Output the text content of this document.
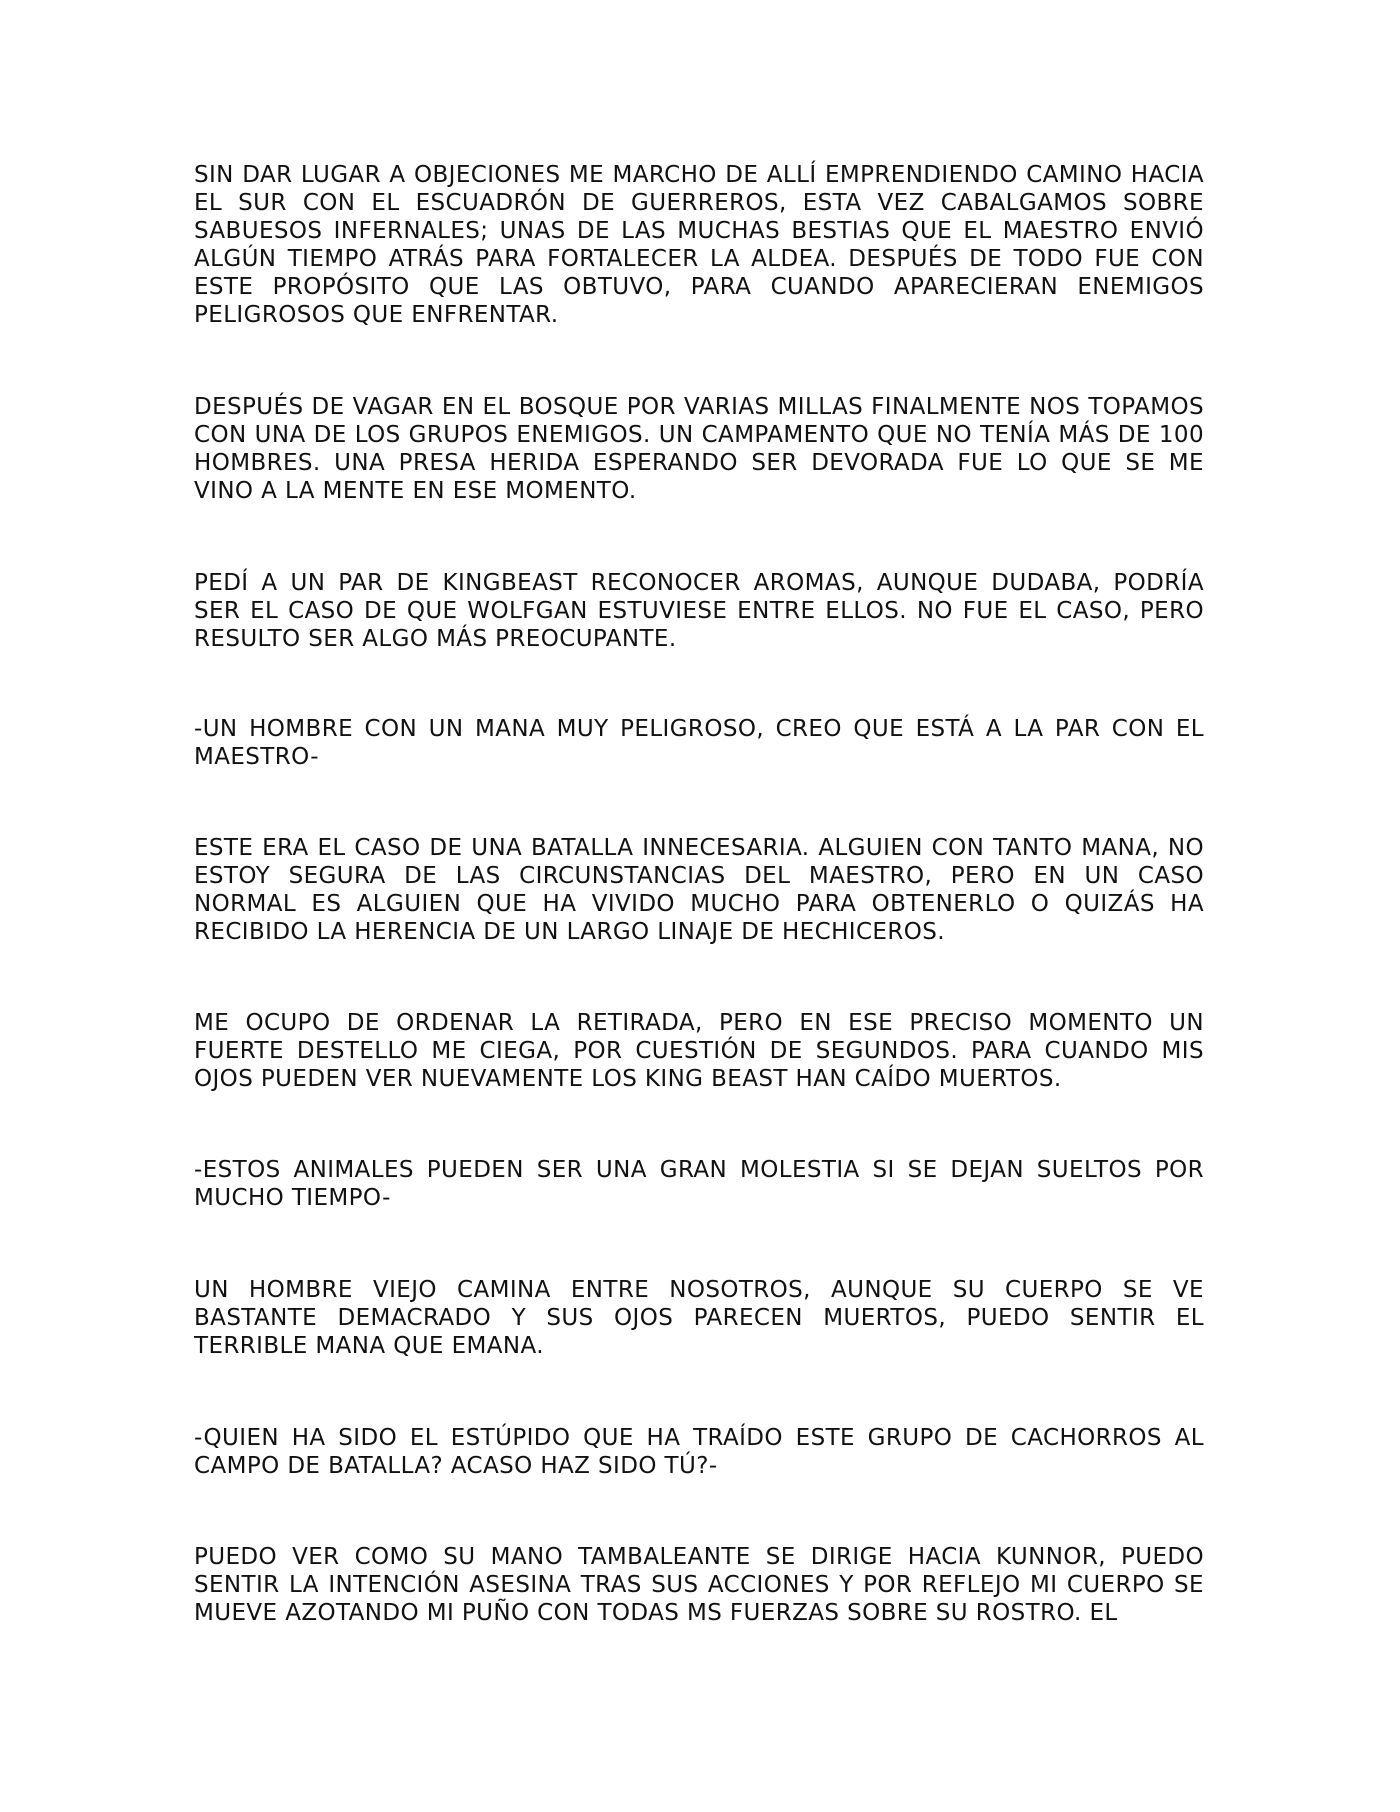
SIN DAR LUGAR A OBJECIONES ME MARCHO DE ALLÍ EMPRENDIENDO CAMINO HACIA EL SUR CON EL ESCUADRÓN DE GUERREROS, ESTA VEZ CABALGAMOS SOBRE SABUESOS INFERNALES; UNAS DE LAS MUCHAS BESTIAS QUE EL MAESTRO ENVIÓ ALGÚN TIEMPO ATRÁS PARA FORTALECER LA ALDEA. DESPUÉS DE TODO FUE CON ESTE PROPÓSITO QUE LAS OBTUVO, PARA CUANDO APARECIERAN ENEMIGOS PELIGROSOS QUE ENFRENTAR.

DESPUÉS DE VAGAR EN EL BOSQUE POR VARIAS MILLAS FINALMENTE NOS TOPAMOS CON UNA DE LOS GRUPOS ENEMIGOS. UN CAMPAMENTO QUE NO TENÍA MÁS DE 100 HOMBRES. UNA PRESA HERIDA ESPERANDO SER DEVORADA FUE LO QUE SE ME VINO A LA MENTE EN ESE MOMENTO.

PEDÍ A UN PAR DE KINGBEAST RECONOCER AROMAS, AUNQUE DUDABA, PODRÍA SER EL CASO DE QUE WOLFGAN ESTUVIESE ENTRE ELLOS. NO FUE EL CASO, PERO RESULTO SER ALGO MÁS PREOCUPANTE.

-UN HOMBRE CON UN MANA MUY PELIGROSO, CREO QUE ESTÁ A LA PAR CON EL MAESTRO-

ESTE ERA EL CASO DE UNA BATALLA INNECESARIA. ALGUIEN CON TANTO MANA, NO ESTOY SEGURA DE LAS CIRCUNSTANCIAS DEL MAESTRO, PERO EN UN CASO NORMAL ES ALGUIEN QUE HA VIVIDO MUCHO PARA OBTENERLO O QUIZÁS HA RECIBIDO LA HERENCIA DE UN LARGO LINAJE DE HECHICEROS.

ME OCUPO DE ORDENAR LA RETIRADA, PERO EN ESE PRECISO MOMENTO UN FUERTE DESTELLO ME CIEGA, POR CUESTIÓN DE SEGUNDOS. PARA CUANDO MIS OJOS PUEDEN VER NUEVAMENTE LOS KING BEAST HAN CAÍDO MUERTOS.

-ESTOS ANIMALES PUEDEN SER UNA GRAN MOLESTIA SI SE DEJAN SUELTOS POR MUCHO TIEMPO-

UN HOMBRE VIEJO CAMINA ENTRE NOSOTROS, AUNQUE SU CUERPO SE VE BASTANTE DEMACRADO Y SUS OJOS PARECEN MUERTOS, PUEDO SENTIR EL TERRIBLE MANA QUE EMANA.

-QUIEN HA SIDO EL ESTÚPIDO QUE HA TRAÍDO ESTE GRUPO DE CACHORROS AL CAMPO DE BATALLA? ACASO HAZ SIDO TÚ?-

PUEDO VER COMO SU MANO TAMBALEANTE SE DIRIGE HACIA KUNNOR, PUEDO SENTIR LA INTENCIÓN ASESINA TRAS SUS ACCIONES Y POR REFLEJO MI CUERPO SE MUEVE AZOTANDO MI PUÑO CON TODAS MS FUERZAS SOBRE SU ROSTRO. EL
